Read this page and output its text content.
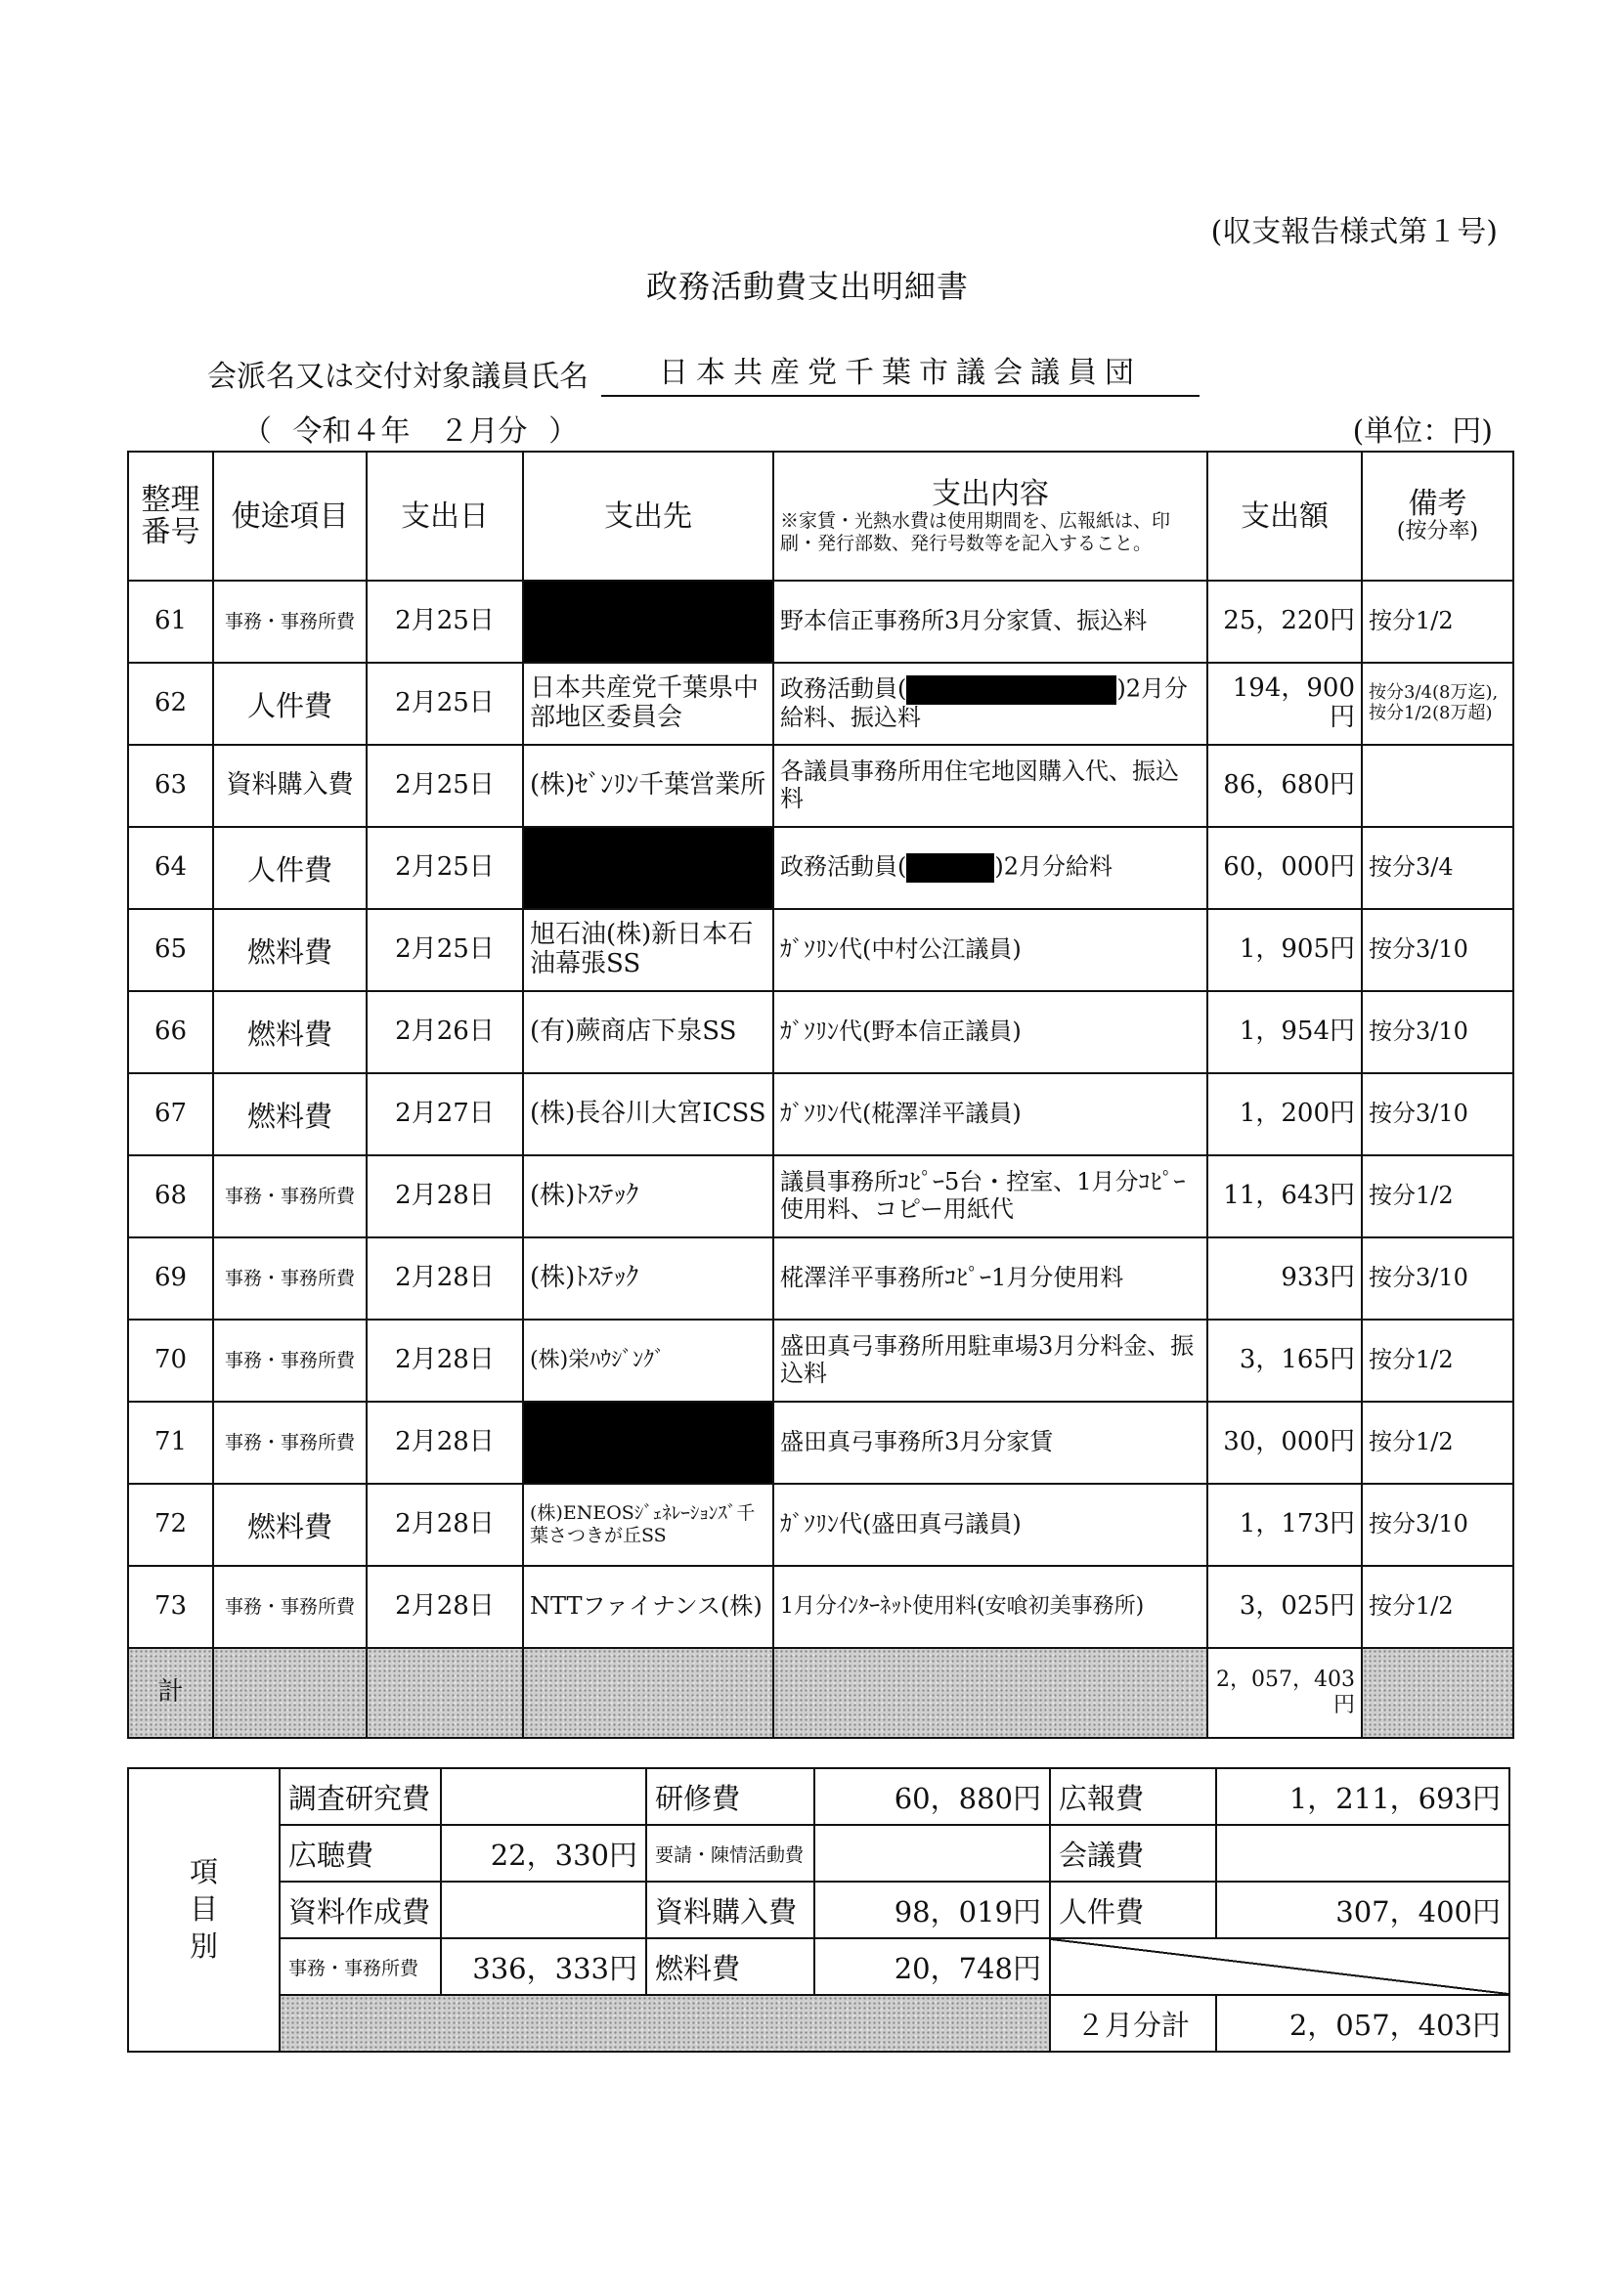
(収支報告様式第１号)
政務活動費支出明細書
会派名又は交付対象議員氏名	日本共産党千葉市議会議員団
（ 令和４年　２月分 ）	(単位：円)
整理番号	使途項目	支出日	支出先	支出内容
※家賃・光熱水費は使用期間を、広報紙は、印刷・発行部数、発行号数等を記入すること。	支出額	備考
(按分率)

61	事務・事務所費	2月25日		野本信正事務所3月分家賃、振込料	25，220円	按分1/2
62	人件費	2月25日	日本共産党千葉県中部地区委員会	政務活動員( )2月分給料、振込料	194，900円	按分3/4(8万迄),按分1/2(8万超)
63	資料購入費	2月25日	(株)ｾﾞﾝﾘﾝ千葉営業所	各議員事務所用住宅地図購入代、振込料	86，680円	
64	人件費	2月25日		政務活動員( )2月分給料	60，000円	按分3/4
65	燃料費	2月25日	旭石油(株)新日本石油幕張SS	ｶﾞｿﾘﾝ代(中村公江議員)	1，905円	按分3/10
66	燃料費	2月26日	(有)蕨商店下泉SS	ｶﾞｿﾘﾝ代(野本信正議員)	1，954円	按分3/10
67	燃料費	2月27日	(株)長谷川大宮ICSS	ｶﾞｿﾘﾝ代(椛澤洋平議員)	1，200円	按分3/10
68	事務・事務所費	2月28日	(株)ﾄｽﾃｯｸ	議員事務所ｺﾋﾟｰ5台・控室、1月分ｺﾋﾟｰ使用料、コピー用紙代	11，643円	按分1/2
69	事務・事務所費	2月28日	(株)ﾄｽﾃｯｸ	椛澤洋平事務所ｺﾋﾟｰ1月分使用料	933円	按分3/10
70	事務・事務所費	2月28日	(株)栄ﾊｳｼﾞﾝｸﾞ	盛田真弓事務所用駐車場3月分料金、振込料	3，165円	按分1/2
71	事務・事務所費	2月28日		盛田真弓事務所3月分家賃	30，000円	按分1/2
72	燃料費	2月28日	(株)ENEOSｼﾞｪﾈﾚｰｼｮﾝｽﾞ千葉さつきが丘SS	ｶﾞｿﾘﾝ代(盛田真弓議員)	1，173円	按分3/10
73	事務・事務所費	2月28日	NTTファイナンス(株)	1月分ｲﾝﾀｰﾈｯﾄ使用料(安喰初美事務所)	3，025円	按分1/2
計					2，057，403円	
項目別	調査研究費		研修費	60，880円	広報費	1，211，693円
	広聴費	22，330円	要請・陳情活動費		会議費	
	資料作成費		資料購入費	98，019円	人件費	307，400円
	事務・事務所費	336，333円	燃料費	20，748円		
					２月分計	2，057，403円
